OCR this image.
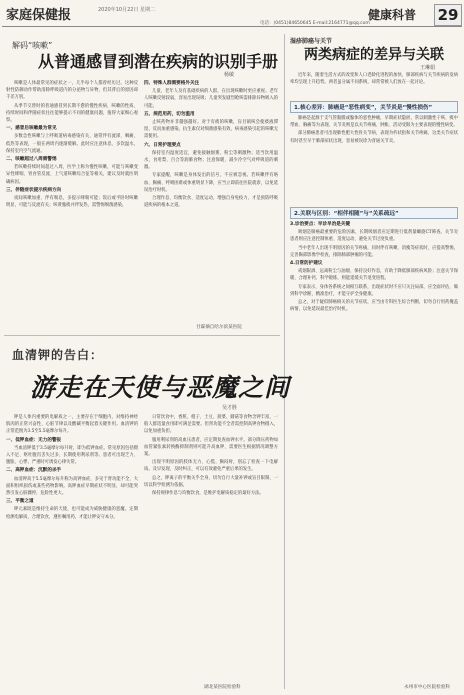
家庭保健报	2020年10月22日 星期二
电话：(0451)84650645 E-mail:2164771@qq.com
健康科普 29
解码“咳嗽”
从普通感冒到潜在疾病的识别手册
杨敏

咳嗽是人体最常见的症状之一，几乎每个人都曾经历过。这种反射性防御动作帮助清除呼吸道内的分泌物与异物，但其背后的原因却千差万别。

从季节交替时的普通感冒到长期不愈的慢性疾病，咳嗽的性质、持续时间和伴随症状往往能够提示不同的健康问题，值得大家细心观察。

一、感冒后咳嗽最为常见

多数急性咳嗽与上呼吸道病毒感染有关，通常伴有流涕、咽痛、低热等表现，一般在两周内逐渐缓解。此时应注意休息、多饮温水，保持室内空气流通。

二、咳嗽超过八周需警惕

若咳嗽持续时间超过八周，医学上称为慢性咳嗽，可能与咳嗽变异性哮喘、胃食管反流、上气道咳嗽综合征等相关，建议及时就医明确病因。

三、伴随症状提示疾病方向

夜间咳嗽加重、伴有喘息，多提示哮喘可能；饭后或平卧时咳嗽明显，可能与反流有关；咳黄脓痰并伴发热，需警惕细菌感染。

四、特殊人群需要格外关注

儿童、老年人及有基础疾病的人群，在出现咳嗽时更应重视。老年人咳嗽反射较弱，容易出现误吸；儿童突发剧烈呛咳需排除异物吸入的可能。

五、规范用药，切勿滥用

止咳药物并非越强越好。对于有痰的咳嗽，盲目镇咳会使痰液滞留，反而加重感染。抗生素仅对细菌感染有效，病毒感染引起的咳嗽无需使用。

六、日常护理要点

保持室内湿度适宜，避免接触烟雾、粉尘等刺激物；适当饮用温水，食用梨、百合等润肺食物；注意保暖，减少冷空气对呼吸道的刺激。

专家提醒，咳嗽是身体发出的信号，不应被忽视。若咳嗽伴有咯血、胸痛、呼吸困难或体重明显下降，应当立即前往医院就诊，以免延误治疗时机。

合理作息、均衡饮食、适度运动，增强自身免疫力，才是预防呼吸道疾病的根本之道。

甘霖摘自哈尔滨某医院
血清钾的告白：
游走在天使与恶魔之间
吴才胜

钾是人体内重要的电解质之一，主要存在于细胞内，对维持神经肌肉的正常兴奋性、心脏节律以及酸碱平衡起着关键作用。血清钾的正常范围为3.5至5.5毫摩尔每升。

一、低钾血症：无力的警报

当血清钾低于3.5毫摩尔每升时，即为低钾血症。常见原因包括摄入不足、呕吐腹泻丢失过多、长期使用利尿剂等。患者可出现乏力、腹胀、心悸，严重时可诱发心律失常。

二、高钾血症：沉默的杀手

血清钾高于5.5毫摩尔每升称为高钾血症，多见于肾功能不全、大面积组织损伤或某些药物影响。高钾血症早期症状不明显，却可能突然引发心脏骤停，危险性更大。

三、平衡之道

钾元素既是维持生命的天使，也可能成为威胁健康的恶魔。定期检测电解质，合理饮食，遵医嘱用药，才能让钾安守本分。

日常饮食中，香蕉、橙子、土豆、菠菜、蘑菇等食物含钾丰富，一般人群适量食用即可满足需要。但肾功能不全者需控制高钾食物摄入，以免加重负担。

服用利尿剂的高血压患者，应定期复查血钾水平。部分降压药物如血管紧张素转换酶抑制剂则可能升高血钾，需要医生根据情况调整方案。

出现不明原因的肢体无力、心慌、胸闷时，别忘了检查一下电解质。及早发现、及时纠正，可以有效避免严重后果的发生。

总之，钾离子的平衡关乎全身，切勿自行大量补钾或盲目限制，一切以科学检测为依据。

保持规律作息与均衡饮食，是维护电解质稳定的最好方法。

湖北某医院检验科
湿疹肺癌与关节
两类病症的差异与关联
王琳娟

近年来，随着生活方式的改变和人口老龄化进程的加快，肺部疾病与关节疾病的发病率均呈现上升趋势。两者虽分属不同系统，却常常被人们放在一起讨论。

1.核心差异：肺癌是“恶性病变”，关节炎是“慢性损伤”

肺癌是起源于支气管黏膜或腺体的恶性肿瘤，早期症状隐匿，常以刺激性干咳、痰中带血、胸痛等为表现。关节炎则是以关节疼痛、肿胀、活动受限为主要表现的慢性病变。

部分肺癌患者可出现肺性肥大性骨关节病，表现为杵状指和关节疼痛，这类关节症状有时甚至早于肺部症状出现，容易被误诊为普通关节炎。

2.关联与区别：“相伴相随”与“关系疏远”

3.诊治要点：早诊早治是关键

吸烟是肺癌最重要的危险因素，长期吸烟者应定期进行低剂量螺旋CT筛查。关节炎患者则应注意控制体重、适度运动、避免关节过度负重。

当中老年人出现不明原因的关节疼痛，同时伴有咳嗽、消瘦等症状时，应提高警惕，完善胸部影像学检查，排除肺部肿瘤的可能。

4.日常防护建议

戒烟限酒、远离粉尘与油烟、保持良好作息，有助于降低肺部疾病风险；注意关节保暖、合理补钙、科学锻炼，则能延缓关节退变进程。

专家表示，身体各系统之间相互联系，出现症状时不应只关注局部，应全面评估，做到科学诊断、精准治疗，才能守护全身健康。

总之，对于疑似肺癌相关的关节症状，应当由专科医生综合判断，切勿自行用药掩盖病情，以免延误最佳治疗时机。

永州市中心医院检验科
